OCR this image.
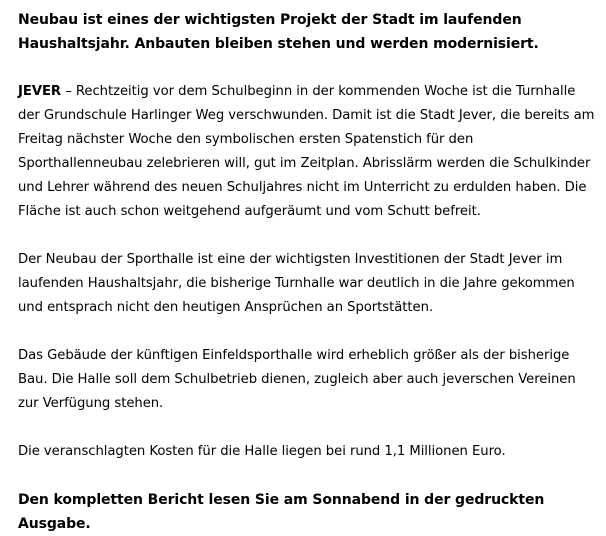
Neubau ist eines der wichtigsten Projekt der Stadt im laufenden Haushaltsjahr. Anbauten bleiben stehen und werden modernisiert.

JEVER – Rechtzeitig vor dem Schulbeginn in der kommenden Woche ist die Turnhalle der Grundschule Harlinger Weg verschwunden. Damit ist die Stadt Jever, die bereits am Freitag nächster Woche den symbolischen ersten Spatenstich für den Sporthallenneubau zelebrieren will, gut im Zeitplan. Abrisslärm werden die Schulkinder und Lehrer während des neuen Schuljahres nicht im Unterricht zu erdulden haben. Die Fläche ist auch schon weitgehend aufgeräumt und vom Schutt befreit.

Der Neubau der Sporthalle ist eine der wichtigsten Investitionen der Stadt Jever im laufenden Haushaltsjahr, die bisherige Turnhalle war deutlich in die Jahre gekommen und entsprach nicht den heutigen Ansprüchen an Sportstätten.

Das Gebäude der künftigen Einfeldsporthalle wird erheblich größer als der bisherige Bau. Die Halle soll dem Schulbetrieb dienen, zugleich aber auch jeverschen Vereinen zur Verfügung stehen.

Die veranschlagten Kosten für die Halle liegen bei rund 1,1 Millionen Euro.

Den kompletten Bericht lesen Sie am Sonnabend in der gedruckten Ausgabe.
